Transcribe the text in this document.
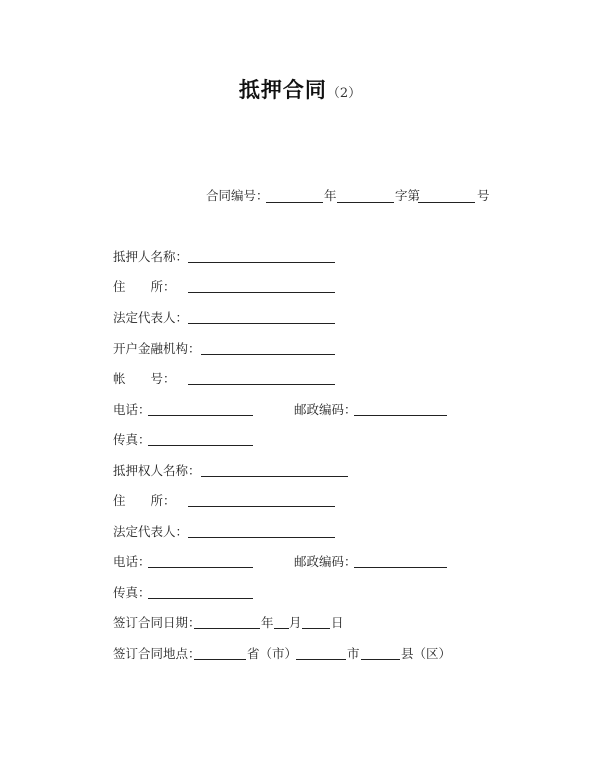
抵押合同（2）
合同编号：	年	字第	号
抵押人名称：
住　　所：
法定代表人：
开户金融机构：
帐　　号：
电话：	邮政编码：
传真：
抵押权人名称：
住　　所：
法定代表人：
电话：	邮政编码：
传真：
签订合同日期：	年 月 日
签订合同地点：	省（市）	市	县（区）
